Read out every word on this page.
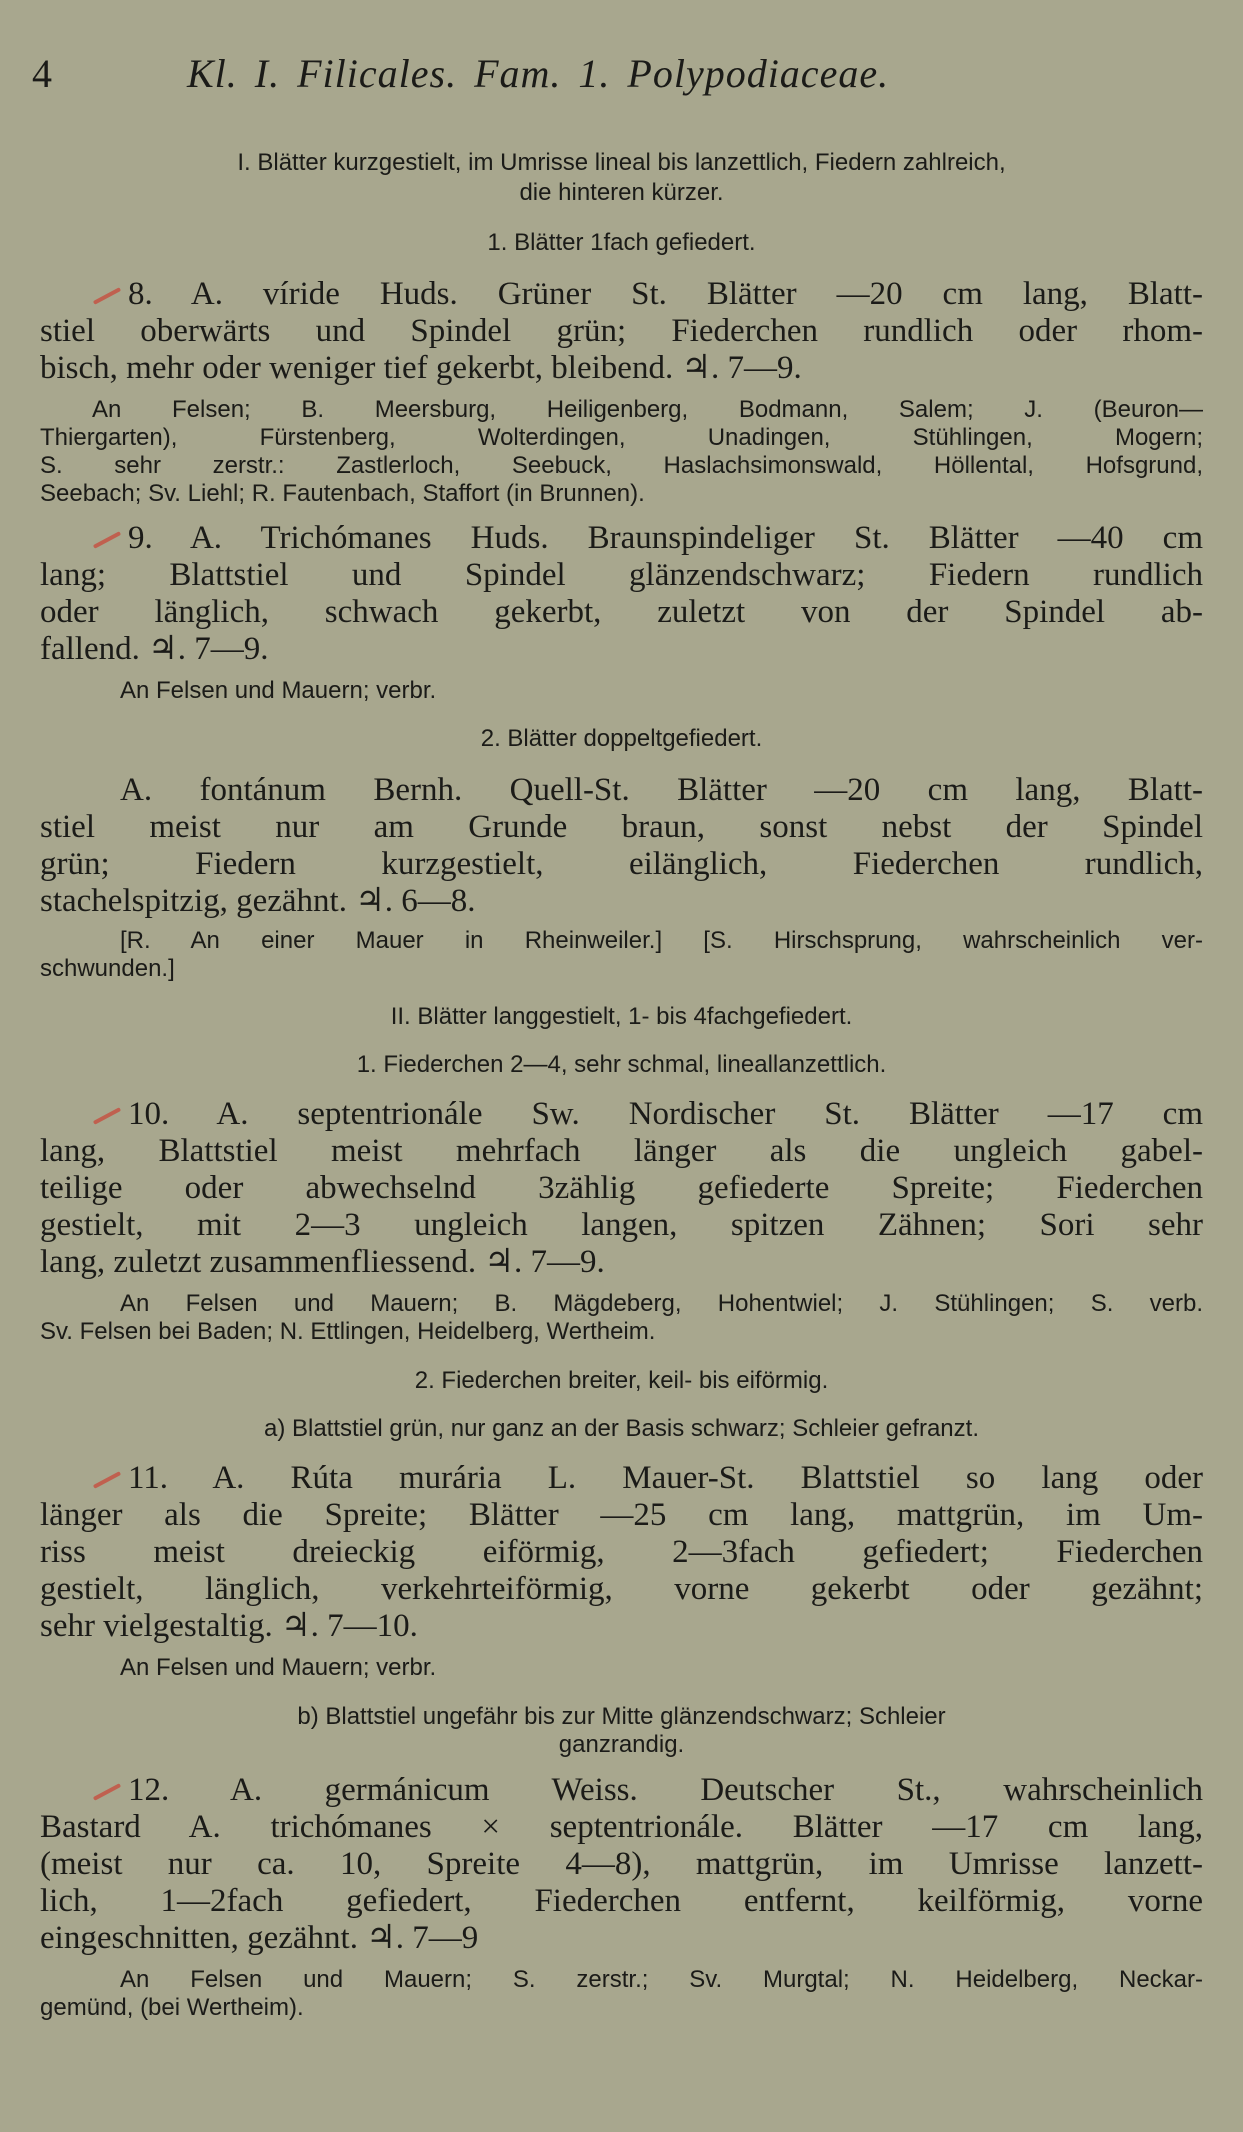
4	Kl. I. Filicales. Fam. 1. Polypodiaceae.
I. Blätter kurzgestielt, im Umrisse lineal bis lanzettlich, Fiedern zahlreich,
die hinteren kürzer.
1. Blätter 1fach gefiedert.
8. A. víride Huds. Grüner St. Blätter —20 cm lang, Blatt-
stiel oberwärts und Spindel grün; Fiederchen rundlich oder rhom-
bisch, mehr oder weniger tief gekerbt, bleibend. ♃. 7—9.
An Felsen; B. Meersburg, Heiligenberg, Bodmann, Salem; J. (Beuron—
Thiergarten), Fürstenberg, Wolterdingen, Unadingen, Stühlingen, Mogern;
S. sehr zerstr.: Zastlerloch, Seebuck, Haslachsimonswald, Höllental, Hofsgrund,
Seebach; Sv. Liehl; R. Fautenbach, Staffort (in Brunnen).
9. A. Trichómanes Huds. Braunspindeliger St. Blätter —40 cm
lang; Blattstiel und Spindel glänzendschwarz; Fiedern rundlich
oder länglich, schwach gekerbt, zuletzt von der Spindel ab-
fallend. ♃. 7—9.
An Felsen und Mauern; verbr.
2. Blätter doppeltgefiedert.
A. fontánum Bernh. Quell-St. Blätter —20 cm lang, Blatt-
stiel meist nur am Grunde braun, sonst nebst der Spindel
grün; Fiedern kurzgestielt, eilänglich, Fiederchen rundlich,
stachelspitzig, gezähnt. ♃. 6—8.
[R. An einer Mauer in Rheinweiler.] [S. Hirschsprung, wahrscheinlich ver-
schwunden.]
II. Blätter langgestielt, 1- bis 4fachgefiedert.
1. Fiederchen 2—4, sehr schmal, lineallanzettlich.
10. A. septentrionále Sw. Nordischer St. Blätter —17 cm
lang, Blattstiel meist mehrfach länger als die ungleich gabel-
teilige oder abwechselnd 3zählig gefiederte Spreite; Fiederchen
gestielt, mit 2—3 ungleich langen, spitzen Zähnen; Sori sehr
lang, zuletzt zusammenfliessend. ♃. 7—9.
An Felsen und Mauern; B. Mägdeberg, Hohentwiel; J. Stühlingen; S. verb.
Sv. Felsen bei Baden; N. Ettlingen, Heidelberg, Wertheim.
2. Fiederchen breiter, keil- bis eiförmig.
a) Blattstiel grün, nur ganz an der Basis schwarz; Schleier gefranzt.
11. A. Rúta murária L. Mauer-St. Blattstiel so lang oder
länger als die Spreite; Blätter —25 cm lang, mattgrün, im Um-
riss meist dreieckig eiförmig, 2—3fach gefiedert; Fiederchen
gestielt, länglich, verkehrteiförmig, vorne gekerbt oder gezähnt;
sehr vielgestaltig. ♃. 7—10.
An Felsen und Mauern; verbr.
b) Blattstiel ungefähr bis zur Mitte glänzendschwarz; Schleier
ganzrandig.
12. A. germánicum Weiss. Deutscher St., wahrscheinlich
Bastard A. trichómanes × septentrionále. Blätter —17 cm lang,
(meist nur ca. 10, Spreite 4—8), mattgrün, im Umrisse lanzett-
lich, 1—2fach gefiedert, Fiederchen entfernt, keilförmig, vorne
eingeschnitten, gezähnt. ♃. 7—9
An Felsen und Mauern; S. zerstr.; Sv. Murgtal; N. Heidelberg, Neckar-
gemünd, (bei Wertheim).
